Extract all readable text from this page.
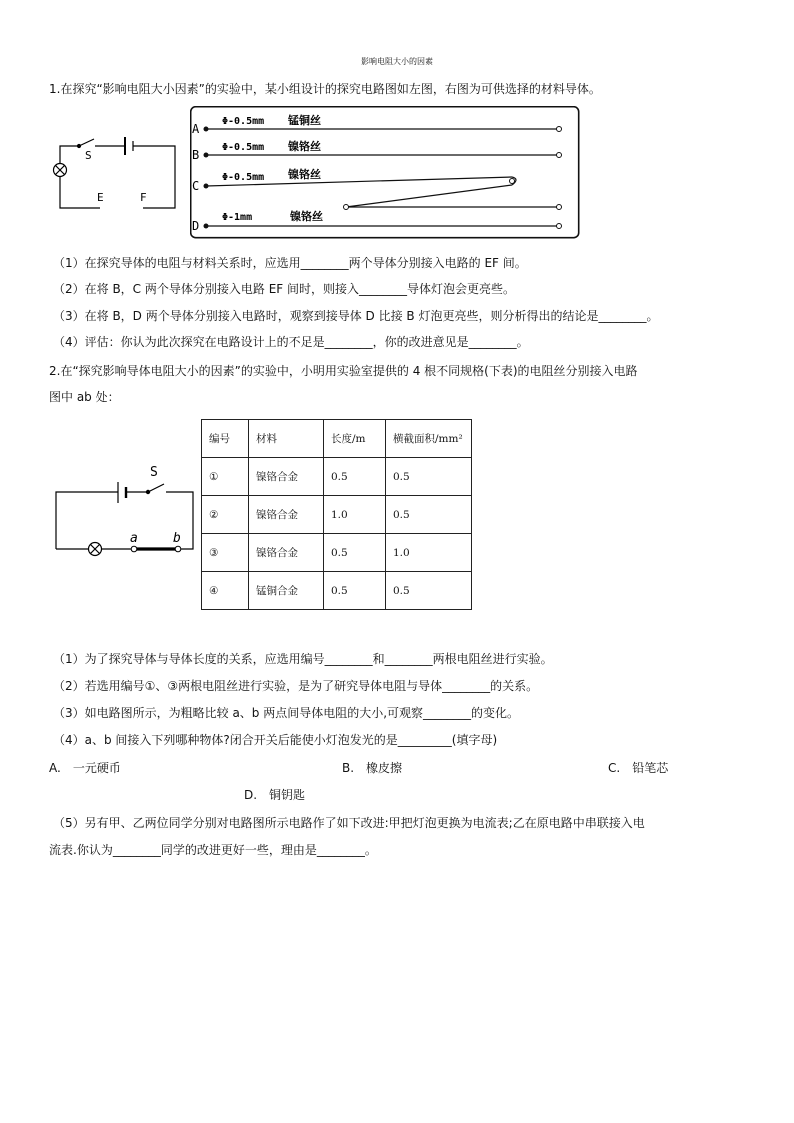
影响电阻大小的因素
1.在探究“影响电阻大小因素”的实验中，某小组设计的探究电路图如左图，右图为可供选择的材料导体。
S
E	F
A
B
C
D
Φ-0.5mm 锰铜丝
Φ-0.5mm 镍铬丝
Φ-0.5mm 镍铬丝
Φ-1mm	镍铬丝
（1）在探究导体的电阻与材料关系时，应选用________两个导体分别接入电路的 EF 间。
（2）在将 B，C 两个导体分别接入电路 EF 间时，则接入________导体灯泡会更亮些。
（3）在将 B，D 两个导体分别接入电路时，观察到接导体 D 比接 B 灯泡更亮些，则分析得出的结论是________。
（4）评估：你认为此次探究在电路设计上的不足是________，你的改进意见是________。
2.在“探究影响导体电阻大小的因素”的实验中，小明用实验室提供的 4 根不同规格(下表)的电阻丝分别接入电路
图中 ab 处：
S
a	b
编号	材料	长度/m	横截面积/mm²
①	镍铬合金	0.5	0.5
②	镍铬合金	1.0	0.5
③	镍铬合金	0.5	1.0
④	锰铜合金	0.5	0.5
（1）为了探究导体与导体长度的关系，应选用编号________和________两根电阻丝进行实验。
（2）若选用编号①、③两根电阻丝进行实验，是为了研究导体电阻与导体________的关系。
（3）如电路图所示，为粗略比较 a、b 两点间导体电阻的大小,可观察________的变化。
（4）a、b 间接入下列哪种物体?闭合开关后能使小灯泡发光的是_________(填字母)
A.　一元硬币	B.　橡皮擦	C.　铅笔芯
D.　铜钥匙
（5）另有甲、乙两位同学分别对电路图所示电路作了如下改进:甲把灯泡更换为电流表;乙在原电路中串联接入电
流表.你认为________同学的改进更好一些，理由是________。
